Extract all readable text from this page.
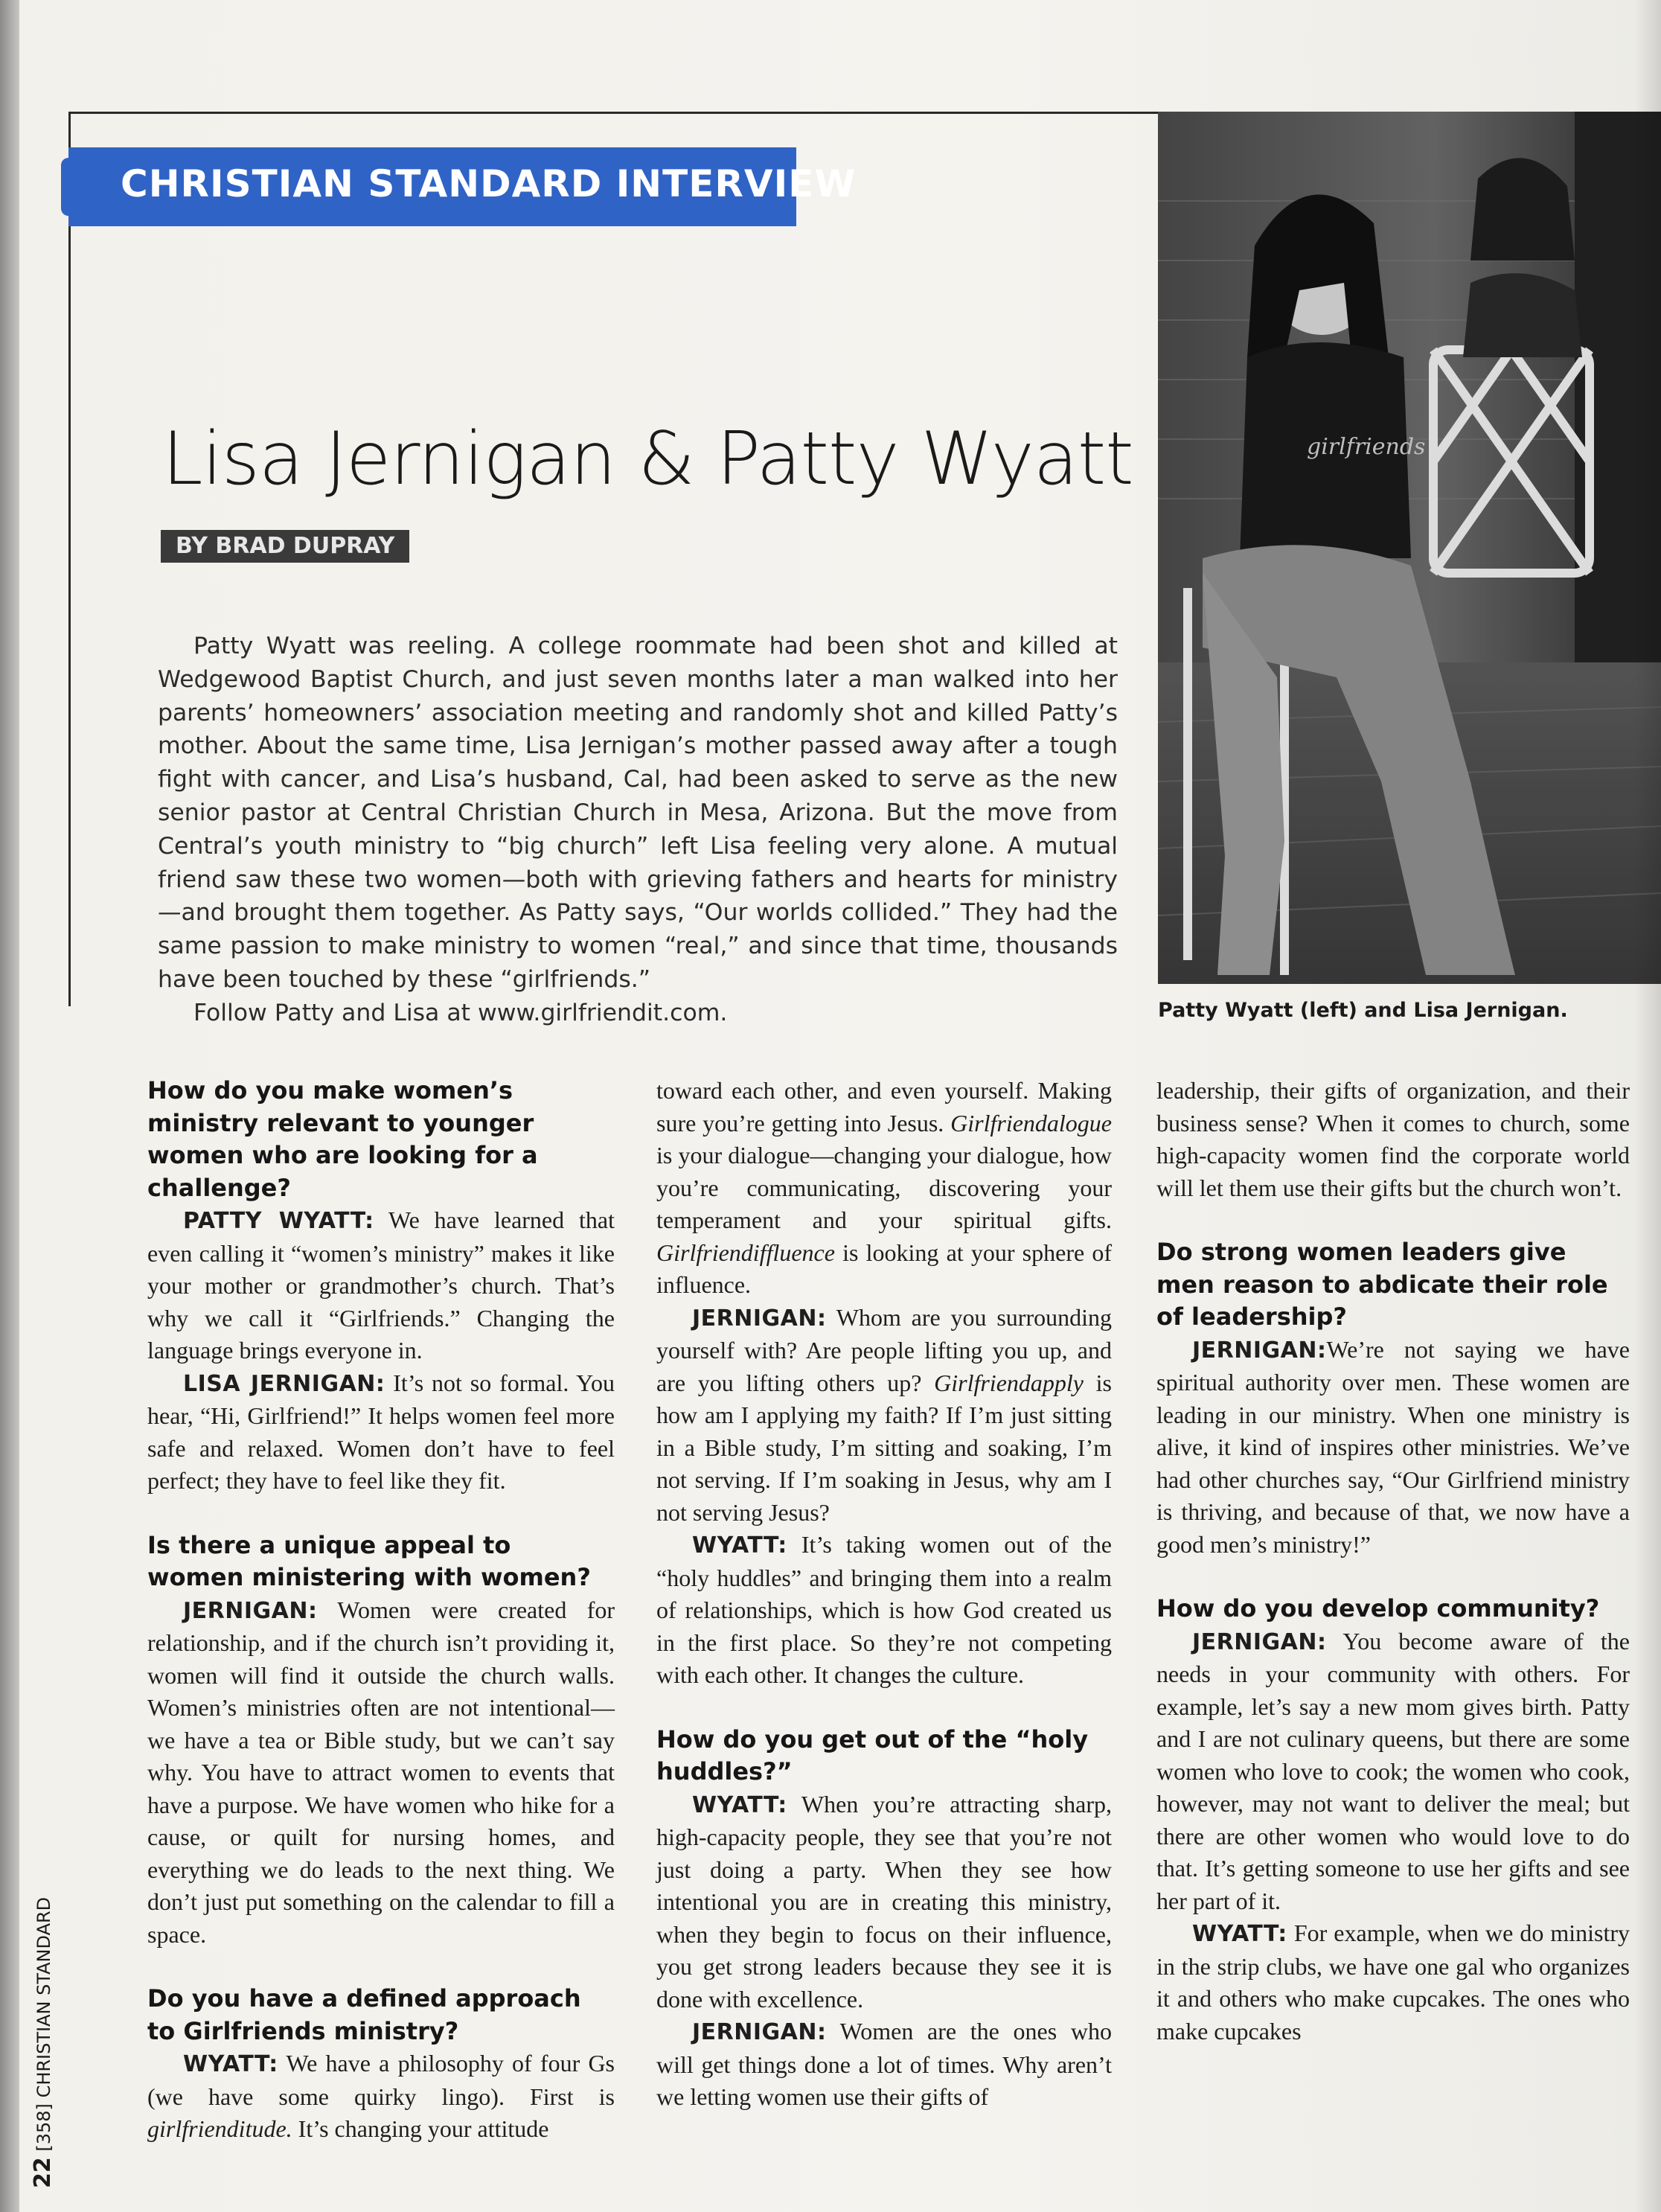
CHRISTIAN STANDARD INTERVIEW
Lisa Jernigan & Patty Wyatt
BY BRAD DUPRAY

Patty Wyatt was reeling. A college roommate had been shot and killed at Wedgewood Baptist Church, and just seven months later a man walked into her parents’ homeowners’ association meeting and randomly shot and killed Patty’s mother. About the same time, Lisa Jernigan’s mother passed away after a tough fight with cancer, and Lisa’s husband, Cal, had been asked to serve as the new senior pastor at Central Christian Church in Mesa, Arizona. But the move from Central’s youth ministry to “big church” left Lisa feeling very alone. A mutual friend saw these two women—both with grieving fathers and hearts for ministry—and brought them together. As Patty says, “Our worlds collided.” They had the same passion to make ministry to women “real,” and since that time, thousands have been touched by these “girlfriends.”

Follow Patty and Lisa at www.girlfriendit.com.

girlfriends
Patty Wyatt (left) and Lisa Jernigan.

How do you make women’s ministry relevant to younger women who are looking for a challenge?

PATTY WYATT: We have learned that even calling it “women’s ministry” makes it like your mother or grandmother’s church. That’s why we call it “Girlfriends.” Changing the language brings everyone in.

LISA JERNIGAN: It’s not so formal. You hear, “Hi, Girlfriend!” It helps women feel more safe and relaxed. Women don’t have to feel perfect; they have to feel like they fit.

Is there a unique appeal to women ministering with women?

JERNIGAN: Women were created for relationship, and if the church isn’t providing it, women will find it outside the church walls. Women’s ministries often are not intentional—we have a tea or Bible study, but we can’t say why. You have to attract women to events that have a purpose. We have women who hike for a cause, or quilt for nursing homes, and everything we do leads to the next thing. We don’t just put something on the calendar to fill a space.

Do you have a defined approach to Girlfriends ministry?

WYATT: We have a philosophy of four Gs (we have some quirky lingo). First is girlfrienditude. It’s changing your attitude

toward each other, and even yourself. Making sure you’re getting into Jesus. Girlfriendalogue is your dialogue—changing your dialogue, how you’re communicating, discovering your temperament and your spiritual gifts. Girlfriendiffluence is looking at your sphere of influence.

JERNIGAN: Whom are you surrounding yourself with? Are people lifting you up, and are you lifting others up? Girlfriendapply is how am I applying my faith? If I’m just sitting in a Bible study, I’m sitting and soaking, I’m not serving. If I’m soaking in Jesus, why am I not serving Jesus?

WYATT: It’s taking women out of the “holy huddles” and bringing them into a realm of relationships, which is how God created us in the first place. So they’re not competing with each other. It changes the culture.

How do you get out of the “holy huddles?”

WYATT: When you’re attracting sharp, high-capacity people, they see that you’re not just doing a party. When they see how intentional you are in creating this ministry, when they begin to focus on their influence, you get strong leaders because they see it is done with excellence.

JERNIGAN: Women are the ones who will get things done a lot of times. Why aren’t we letting women use their gifts of

leadership, their gifts of organization, and their business sense? When it comes to church, some high-capacity women find the corporate world will let them use their gifts but the church won’t.

Do strong women leaders give men reason to abdicate their role of leadership?

JERNIGAN:We’re not saying we have spiritual authority over men. These women are leading in our ministry. When one ministry is alive, it kind of inspires other ministries. We’ve had other churches say, “Our Girlfriend ministry is thriving, and because of that, we now have a good men’s ministry!”

How do you develop community?

JERNIGAN: You become aware of the needs in your community with others. For example, let’s say a new mom gives birth. Patty and I are not culinary queens, but there are some women who love to cook; the women who cook, however, may not want to deliver the meal; but there are other women who would love to do that. It’s getting someone to use her gifts and see her part of it.

WYATT: For example, when we do ministry in the strip clubs, we have one gal who organizes it and others who make cupcakes. The ones who make cupcakes

22 [358] CHRISTIAN STANDARD
